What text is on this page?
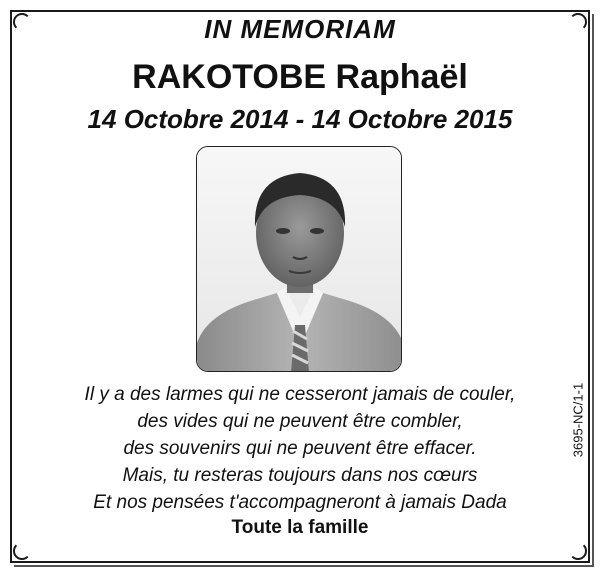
IN MEMORIAM
RAKOTOBE Raphaël
14 Octobre 2014 - 14 Octobre 2015
Il y a des larmes qui ne cesseront jamais de couler,
des vides qui ne peuvent être combler,
des souvenirs qui ne peuvent être effacer.
Mais, tu resteras toujours dans nos cœurs
Et nos pensées t'accompagneront à jamais Dada
Toute la famille
3695-NC/1-1
